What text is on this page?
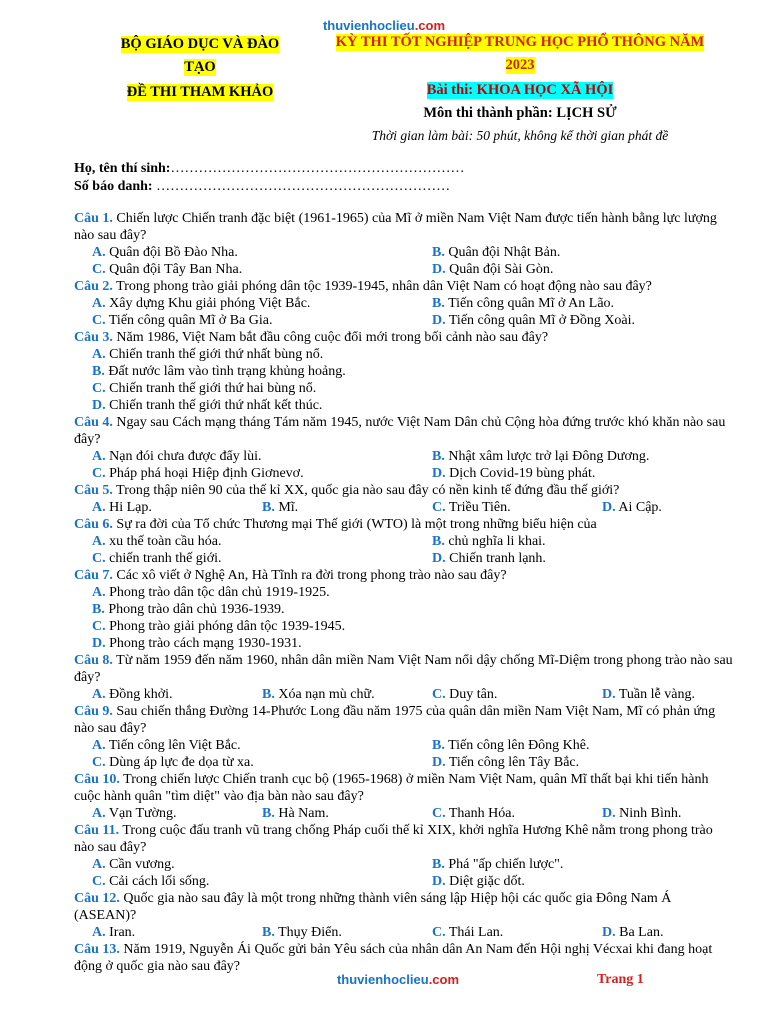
thuvienhoclieu.com
BỘ GIÁO DỤC VÀ ĐÀO
TẠO
ĐỀ THI THAM KHẢO
KỲ THI TỐT NGHIỆP TRUNG HỌC PHỔ THÔNG NĂM
2023
Bài thi: KHOA HỌC XÃ HỘI
Môn thi thành phần: LỊCH SỬ
Thời gian làm bài: 50 phút, không kể thời gian phát đề
Họ, tên thí sinh:………………………………………………………
Số báo danh: ………………………………………………………
Câu 1. Chiến lược Chiến tranh đặc biệt (1961-1965) của Mĩ ở miền Nam Việt Nam được tiến hành bằng lực lượng nào sau đây?
A. Quân đội Bồ Đào Nha.	B. Quân đội Nhật Bản.
C. Quân đội Tây Ban Nha.	D. Quân đội Sài Gòn.
Câu 2. Trong phong trào giải phóng dân tộc 1939-1945, nhân dân Việt Nam có hoạt động nào sau đây?
A. Xây dựng Khu giải phóng Việt Bắc.	B. Tiến công quân Mĩ ở An Lão.
C. Tiến công quân Mĩ ở Ba Gia.	D. Tiến công quân Mĩ ở Đồng Xoài.
Câu 3. Năm 1986, Việt Nam bắt đầu công cuộc đổi mới trong bối cảnh nào sau đây?
A. Chiến tranh thế giới thứ nhất bùng nổ.
B. Đất nước lâm vào tình trạng khủng hoảng.
C. Chiến tranh thế giới thứ hai bùng nổ.
D. Chiến tranh thế giới thứ nhất kết thúc.
Câu 4. Ngay sau Cách mạng tháng Tám năm 1945, nước Việt Nam Dân chủ Cộng hòa đứng trước khó khăn nào sau đây?
A. Nạn đói chưa được đẩy lùi.	B. Nhật xâm lược trở lại Đông Dương.
C. Pháp phá hoại Hiệp định Giơnevơ.	D. Dịch Covid-19 bùng phát.
Câu 5. Trong thập niên 90 của thế kỉ XX, quốc gia nào sau đây có nền kinh tế đứng đầu thế giới?
A. Hi Lạp.	B. Mĩ.	C. Triều Tiên.	D. Ai Cập.
Câu 6. Sự ra đời của Tổ chức Thương mại Thế giới (WTO) là một trong những biểu hiện của
A. xu thế toàn cầu hóa.	B. chủ nghĩa li khai.
C. chiến tranh thế giới.	D. Chiến tranh lạnh.
Câu 7. Các xô viết ở Nghệ An, Hà Tĩnh ra đời trong phong trào nào sau đây?
A. Phong trào dân tộc dân chủ 1919-1925.
B. Phong trào dân chủ 1936-1939.
C. Phong trào giải phóng dân tộc 1939-1945.
D. Phong trào cách mạng 1930-1931.
Câu 8. Từ năm 1959 đến năm 1960, nhân dân miền Nam Việt Nam nổi dậy chống Mĩ-Diệm trong phong trào nào sau đây?
A. Đồng khởi.	B. Xóa nạn mù chữ.	C. Duy tân.	D. Tuần lễ vàng.
Câu 9. Sau chiến thắng Đường 14-Phước Long đầu năm 1975 của quân dân miền Nam Việt Nam, Mĩ có phản ứng nào sau đây?
A. Tiến công lên Việt Bắc.	B. Tiến công lên Đông Khê.
C. Dùng áp lực đe dọa từ xa.	D. Tiến công lên Tây Bắc.
Câu 10. Trong chiến lược Chiến tranh cục bộ (1965-1968) ở miền Nam Việt Nam, quân Mĩ thất bại khi tiến hành cuộc hành quân "tìm diệt" vào địa bàn nào sau đây?
A. Vạn Tường.	B. Hà Nam.	C. Thanh Hóa.	D. Ninh Bình.
Câu 11. Trong cuộc đấu tranh vũ trang chống Pháp cuối thế kỉ XIX, khởi nghĩa Hương Khê nằm trong phong trào nào sau đây?
A. Cần vương.	B. Phá "ấp chiến lược".
C. Cải cách lối sống.	D. Diệt giặc dốt.
Câu 12. Quốc gia nào sau đây là một trong những thành viên sáng lập Hiệp hội các quốc gia Đông Nam Á (ASEAN)?
A. Iran.	B. Thụy Điển.	C. Thái Lan.	D. Ba Lan.
Câu 13. Năm 1919, Nguyễn Ái Quốc gửi bản Yêu sách của nhân dân An Nam đến Hội nghị Vécxai khi đang hoạt động ở quốc gia nào sau đây?
thuvienhoclieu.com	Trang 1
